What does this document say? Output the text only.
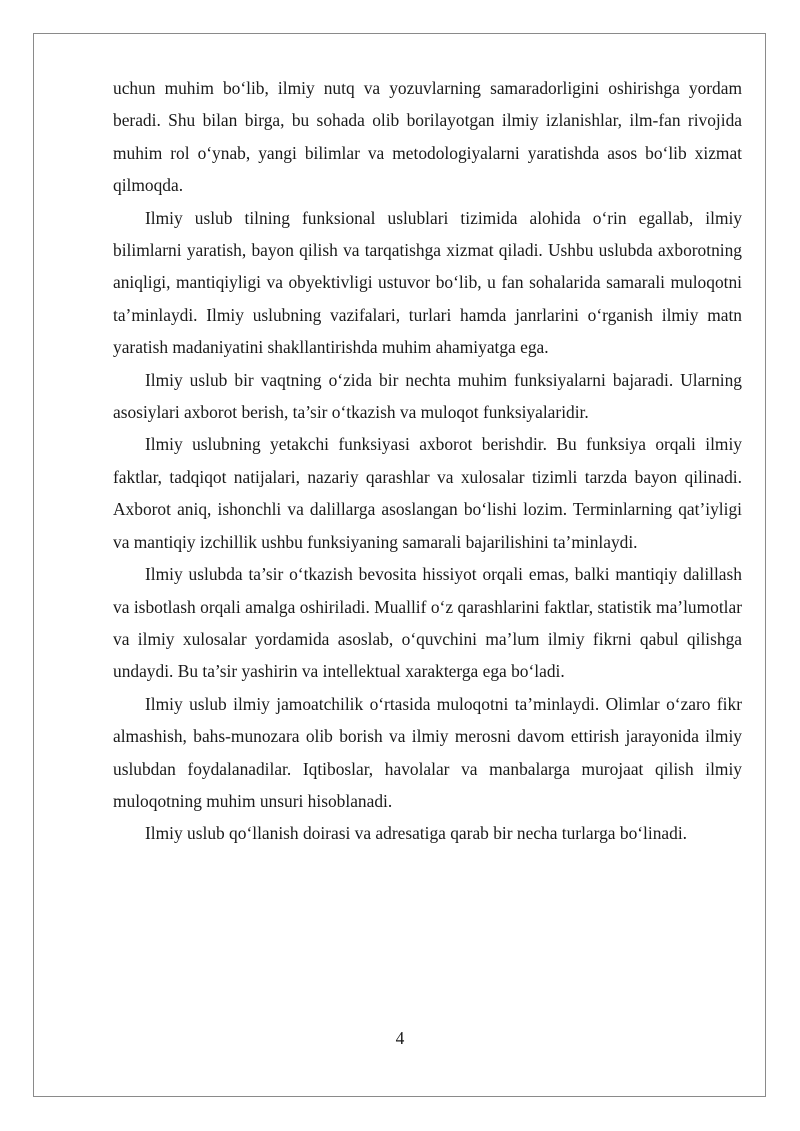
uchun muhim bo‘lib, ilmiy nutq va yozuvlarning samaradorligini oshirishga yordam beradi. Shu bilan birga, bu sohada olib borilayotgan ilmiy izlanishlar, ilm-fan rivojida muhim rol o‘ynab, yangi bilimlar va metodologiyalarni yaratishda asos bo‘lib xizmat qilmoqda.

Ilmiy uslub tilning funksional uslublari tizimida alohida o‘rin egallab, ilmiy bilimlarni yaratish, bayon qilish va tarqatishga xizmat qiladi. Ushbu uslubda axborotning aniqligi, mantiqiyligi va obyektivligi ustuvor bo‘lib, u fan sohalarida samarali muloqotni ta’minlaydi. Ilmiy uslubning vazifalari, turlari hamda janrlarini o‘rganish ilmiy matn yaratish madaniyatini shakllantirishda muhim ahamiyatga ega.

Ilmiy uslub bir vaqtning o‘zida bir nechta muhim funksiyalarni bajaradi. Ularning asosiylari axborot berish, ta’sir o‘tkazish va muloqot funksiyalaridir.

Ilmiy uslubning yetakchi funksiyasi axborot berishdir. Bu funksiya orqali ilmiy faktlar, tadqiqot natijalari, nazariy qarashlar va xulosalar tizimli tarzda bayon qilinadi. Axborot aniq, ishonchli va dalillarga asoslangan bo‘lishi lozim. Terminlarning qat’iyligi va mantiqiy izchillik ushbu funksiyaning samarali bajarilishini ta’minlaydi.

Ilmiy uslubda ta’sir o‘tkazish bevosita hissiyot orqali emas, balki mantiqiy dalillash va isbotlash orqali amalga oshiriladi. Muallif o‘z qarashlarini faktlar, statistik ma’lumotlar va ilmiy xulosalar yordamida asoslab, o‘quvchini ma’lum ilmiy fikrni qabul qilishga undaydi. Bu ta’sir yashirin va intellektual xarakterga ega bo‘ladi.

Ilmiy uslub ilmiy jamoatchilik o‘rtasida muloqotni ta’minlaydi. Olimlar o‘zaro fikr almashish, bahs-munozara olib borish va ilmiy merosni davom ettirish jarayonida ilmiy uslubdan foydalanadilar. Iqtiboslar, havolalar va manbalarga murojaat qilish ilmiy muloqotning muhim unsuri hisoblanadi.

Ilmiy uslub qo‘llanish doirasi va adresatiga qarab bir necha turlarga bo‘linadi.

4
